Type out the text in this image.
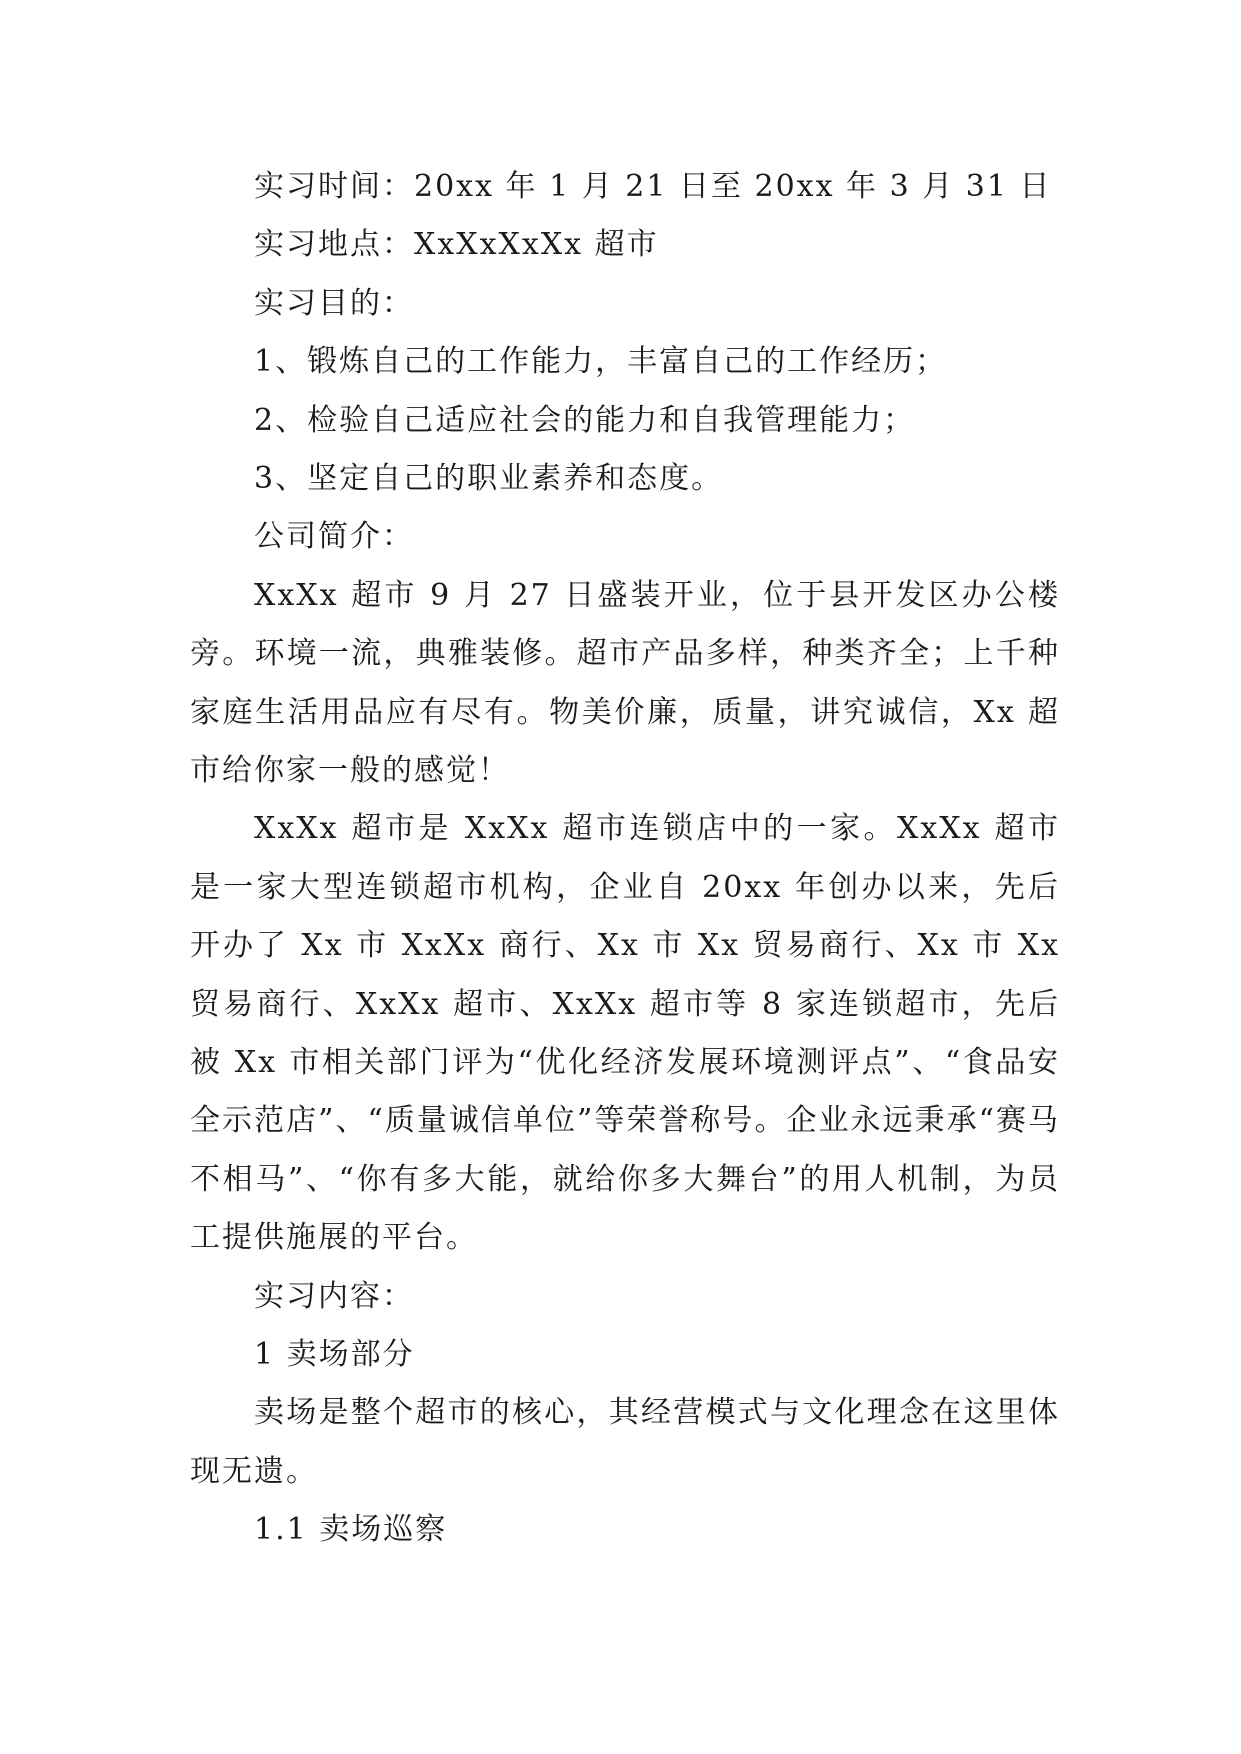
实习时间：20xx 年 1 月 21 日至 20xx 年 3 月 31 日
实习地点：XxXxXxXx 超市
实习目的：
1、锻炼自己的工作能力，丰富自己的工作经历；
2、检验自己适应社会的能力和自我管理能力；
3、坚定自己的职业素养和态度。
公司简介：

XxXx 超市 9 月 27 日盛装开业，位于县开发区办公楼旁。环境一流，典雅装修。超市产品多样，种类齐全；上千种家庭生活用品应有尽有。物美价廉，质量，讲究诚信，Xx 超市给你家一般的感觉！

XxXx 超市是 XxXx 超市连锁店中的一家。XxXx 超市是一家大型连锁超市机构，企业自 20xx 年创办以来，先后开办了 Xx 市 XxXx 商行、Xx 市 Xx 贸易商行、Xx 市 Xx 贸易商行、XxXx 超市、XxXx 超市等 8 家连锁超市，先后被 Xx 市相关部门评为“优化经济发展环境测评点”、“食品安全示范店”、“质量诚信单位”等荣誉称号。企业永远秉承“赛马不相马”、“你有多大能，就给你多大舞台”的用人机制，为员工提供施展的平台。

实习内容：
1 卖场部分

卖场是整个超市的核心，其经营模式与文化理念在这里体现无遗。

1.1 卖场巡察
